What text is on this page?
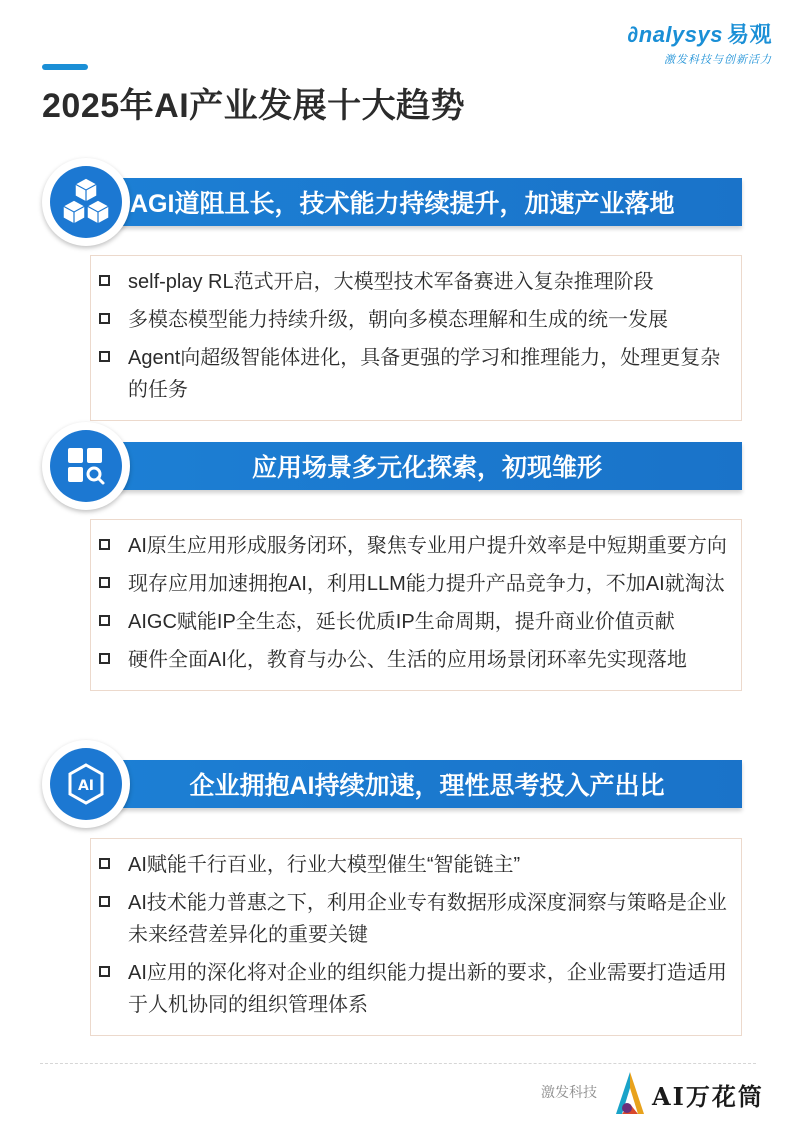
∂nalysys 易观
激发科技与创新活力
2025年AI产业发展十大趋势
AGI道阻且长，技术能力持续提升，加速产业落地
self-play RL范式开启，大模型技术军备赛进入复杂推理阶段
多模态模型能力持续升级，朝向多模态理解和生成的统一发展
Agent向超级智能体进化，具备更强的学习和推理能力，处理更复杂的任务
应用场景多元化探索，初现雏形
AI原生应用形成服务闭环，聚焦专业用户提升效率是中短期重要方向
现存应用加速拥抱AI，利用LLM能力提升产品竞争力，不加AI就淘汰
AIGC赋能IP全生态，延长优质IP生命周期，提升商业价值贡献
硬件全面AI化，教育与办公、生活的应用场景闭环率先实现落地
企业拥抱AI持续加速，理性思考投入产出比
AI
AI赋能千行百业，行业大模型催生“智能链主”
AI技术能力普惠之下，利用企业专有数据形成深度洞察与策略是企业未来经营差异化的重要关键
AI应用的深化将对企业的组织能力提出新的要求，企业需要打造适用于人机协同的组织管理体系
激发科技 AI万花筒
